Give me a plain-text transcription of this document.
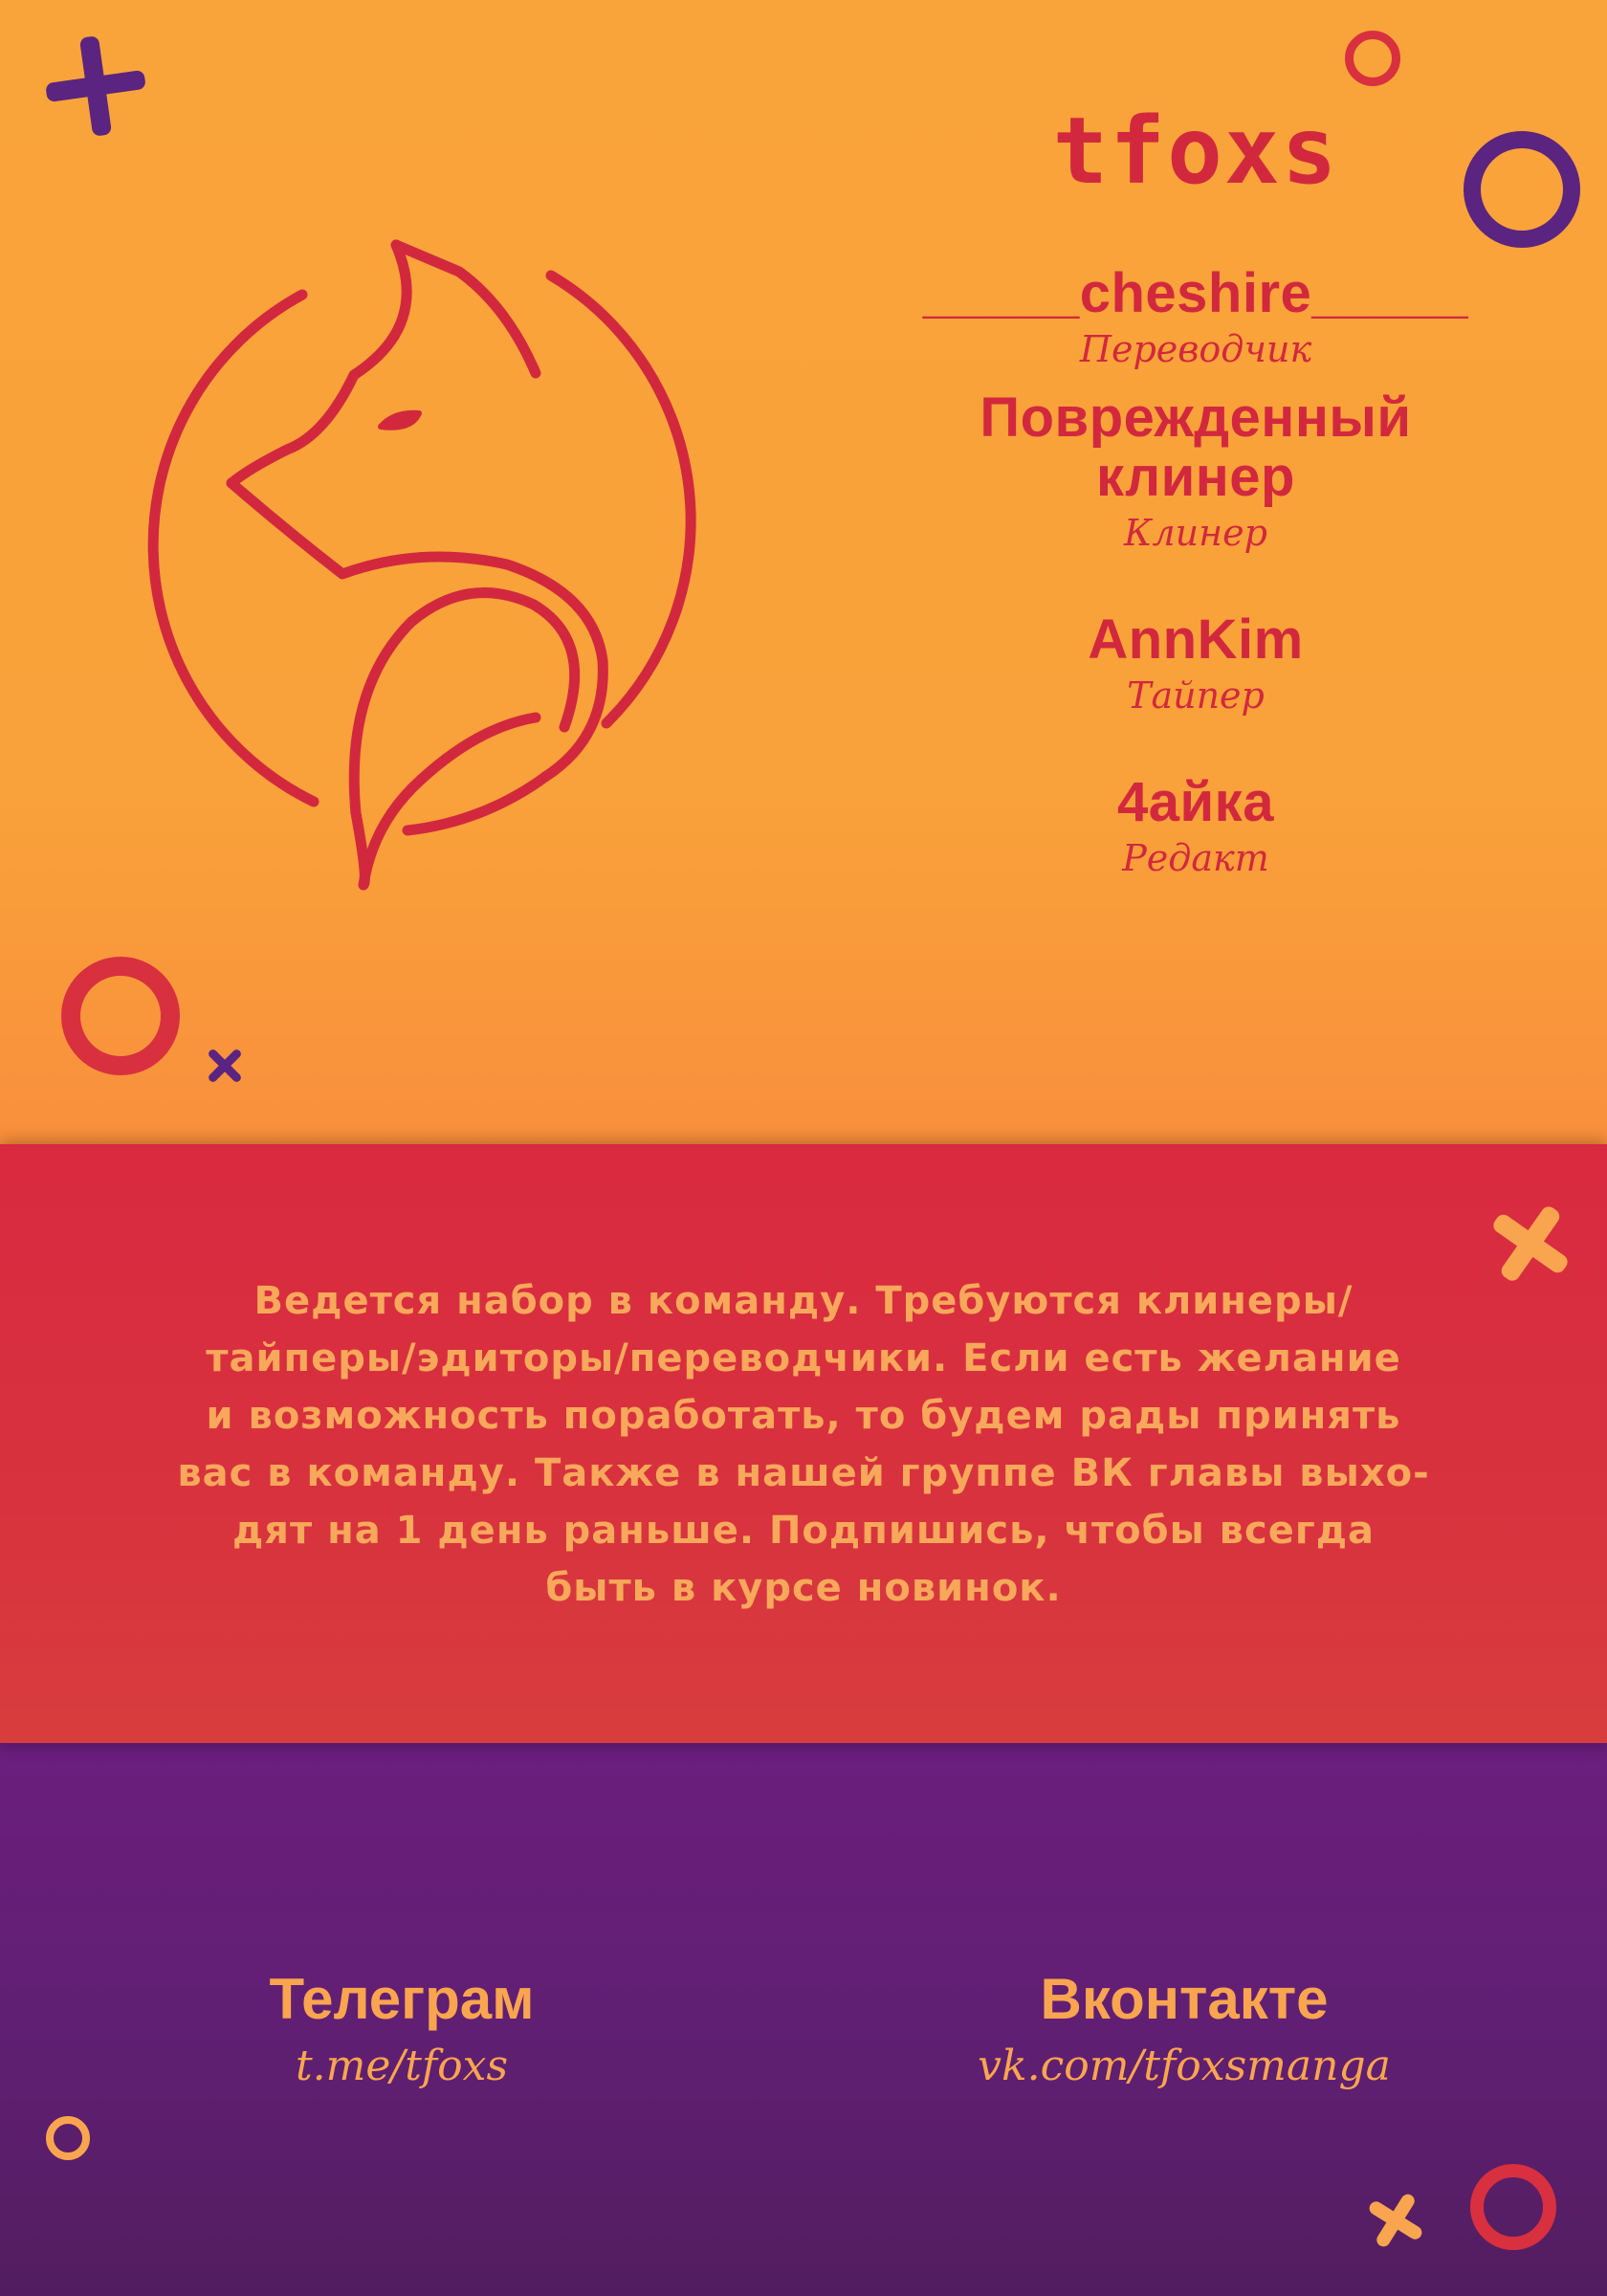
tfoxs
_____cheshire_____
Переводчик
Поврежденный клинер
Клинер
AnnKim
Тайпер
4айка
Редакт
Ведется набор в команду. Требуются клинеры/
тайперы/эдиторы/переводчики. Если есть желание
и возможность поработать, то будем рады принять
вас в команду. Также в нашей группе ВК главы выхо-
дят на 1 день раньше. Подпишись, чтобы всегда
быть в курсе новинок.
Телеграм
t.me/tfoxs
Вконтакте
vk.com/tfoxsmanga
